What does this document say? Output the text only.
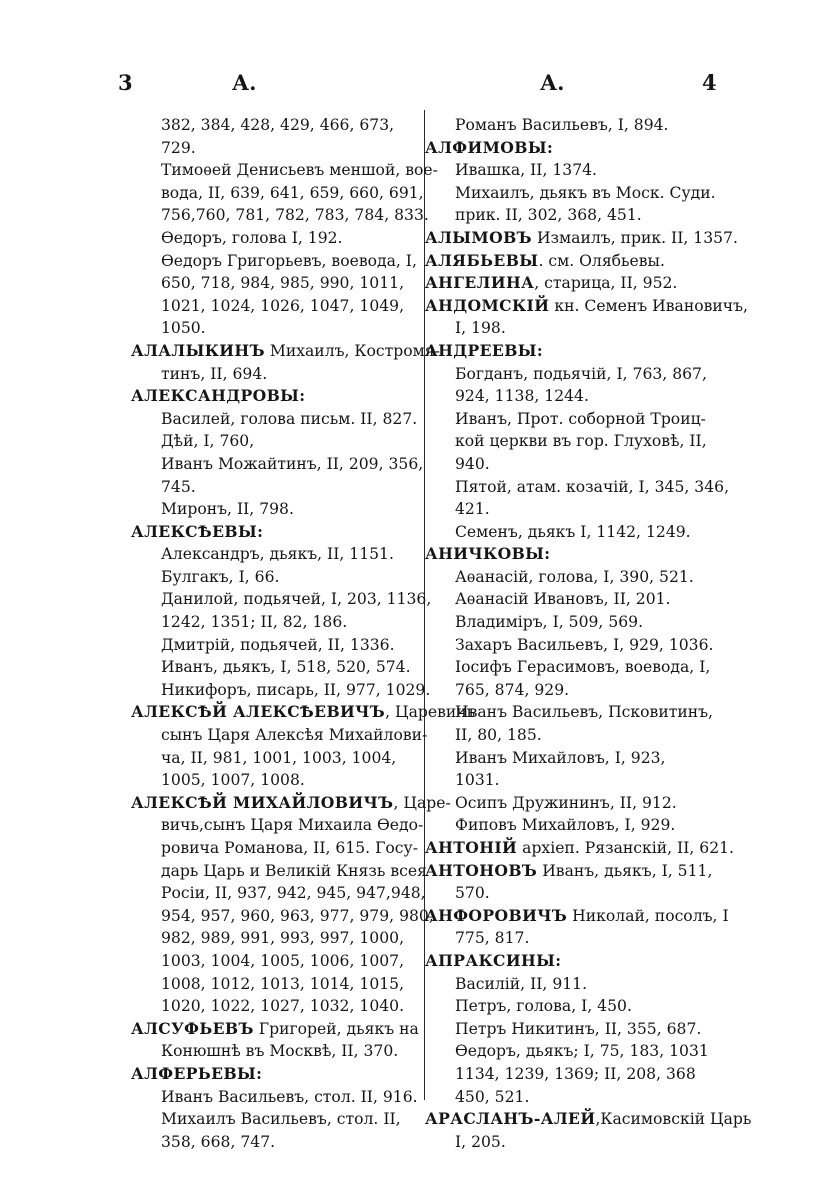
3	А.	А.	4
382, 384, 428, 429, 466, 673,
729.
Тимоѳей Денисьевъ меншой, вое-
вода, II, 639, 641, 659, 660, 691,
756,760, 781, 782, 783, 784, 833.
Ѳедоръ, голова I, 192.
Ѳедоръ Григорьевъ, воевода, I,
650, 718, 984, 985, 990, 1011,
1021, 1024, 1026, 1047, 1049,
1050.
АЛАЛЫКИНЪ Михаилъ, Костромя-
тинъ, II, 694.
АЛЕКСАНДРОВЫ:
Василей, голова письм. II, 827.
Дѣй, I, 760,
Иванъ Можайтинъ, II, 209, 356,
745.
Миронъ, II, 798.
АЛЕКСѢЕВЫ:
Александръ, дьякъ, II, 1151.
Булгакъ, I, 66.
Данилой, подьячей, I, 203, 1136,
1242, 1351; II, 82, 186.
Дмитрій, подьячей, II, 1336.
Иванъ, дьякъ, I, 518, 520, 574.
Никифоръ, писарь, II, 977, 1029.
АЛЕКСѢЙ АЛЕКСѢЕВИЧЪ, Царевичь
сынъ Царя Алексѣя Михайлови-
ча, II, 981, 1001, 1003, 1004,
1005, 1007, 1008.
АЛЕКСѢЙ МИХАЙЛОВИЧЪ, Царе-
вичь,сынъ Царя Михаила Ѳедо-
ровича Романова, II, 615. Госу-
дарь Царь и Великій Князь всея
Росіи, II, 937, 942, 945, 947,948,
954, 957, 960, 963, 977, 979, 980,
982, 989, 991, 993, 997, 1000,
1003, 1004, 1005, 1006, 1007,
1008, 1012, 1013, 1014, 1015,
1020, 1022, 1027, 1032, 1040.
АЛСУФЬЕВЪ Григорей, дьякъ на
Конюшнѣ въ Москвѣ, II, 370.
АЛФЕРЬЕВЫ:
Иванъ Васильевъ, стол. II, 916.
Михаилъ Васильевъ, стол. II,
358, 668, 747.
Романъ Васильевъ, I, 894.
АЛФИМОВЫ:
Ивашка, II, 1374.
Михаилъ, дьякъ въ Моск. Суди.
прик. II, 302, 368, 451.
АЛЫМОВЪ Измаилъ, прик. II, 1357.
АЛЯБЬЕВЫ. см. Олябьевы.
АНГЕЛИНА, старица, II, 952.
АНДОМСКІЙ кн. Семенъ Ивановичъ,
I, 198.
АНДРЕЕВЫ:
Богданъ, подьячій, I, 763, 867,
924, 1138, 1244.
Иванъ, Прот. соборной Троиц-
кой церкви въ гор. Глуховѣ, II,
940.
Пятой, атам. козачій, I, 345, 346,
421.
Семенъ, дьякъ I, 1142, 1249.
АНИЧКОВЫ:
Аѳанасій, голова, I, 390, 521.
Аѳанасій Ивановъ, II, 201.
Владиміръ, I, 509, 569.
Захаръ Васильевъ, I, 929, 1036.
Іосифъ Герасимовъ, воевода, I,
765, 874, 929.
Иванъ Васильевъ, Псковитинъ,
II, 80, 185.
Иванъ Михайловъ, I, 923,
1031.
Осипъ Дружининъ, II, 912.
Фиповъ Михайловъ, I, 929.
АНТОНІЙ архіеп. Рязанскій, II, 621.
АНТОНОВЪ Иванъ, дьякъ, I, 511,
570.
АНФОРОВИЧЪ Николай, посолъ, I
775, 817.
АПРАКСИНЫ:
Василій, II, 911.
Петръ, голова, I, 450.
Петръ Никитинъ, II, 355, 687.
Ѳедоръ, дьякъ; I, 75, 183, 1031
1134, 1239, 1369; II, 208, 368
450, 521.
АРАСЛАНЪ-АЛЕЙ,Касимовскій Царь
I, 205.
